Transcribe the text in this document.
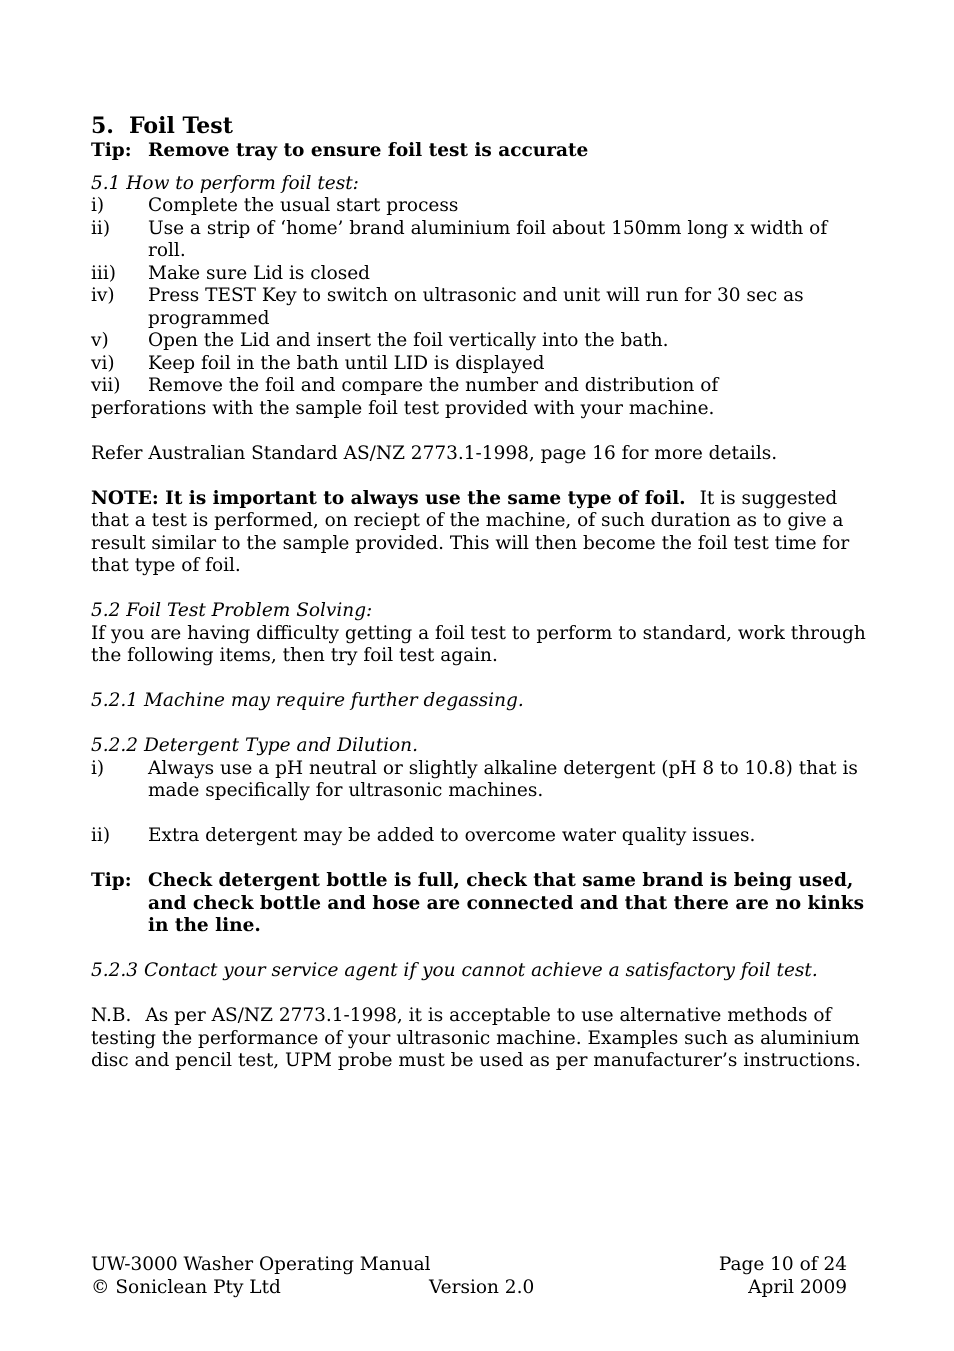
5. Foil Test
Tip: Remove tray to ensure foil test is accurate
5.1 How to perform foil test:
i)	Complete the usual start process
ii)	Use a strip of ‘home’ brand aluminium foil about 150mm long x width of roll.
iii)	Make sure Lid is closed
iv)	Press TEST Key to switch on ultrasonic and unit will run for 30 sec as programmed
v)	Open the Lid and insert the foil vertically into the bath.
vi)	Keep foil in the bath until LID is displayed
vii)	Remove the foil and compare the number and distribution of
perforations with the sample foil test provided with your machine.
Refer Australian Standard AS/NZ 2773.1-1998, page 16 for more details.
NOTE: It is important to always use the same type of foil. It is suggested that a test is performed, on reciept of the machine, of such duration as to give a result similar to the sample provided. This will then become the foil test time for that type of foil.
5.2 Foil Test Problem Solving:
If you are having difficulty getting a foil test to perform to standard, work through the following items, then try foil test again.
5.2.1 Machine may require further degassing.
5.2.2 Detergent Type and Dilution.
i)	Always use a pH neutral or slightly alkaline detergent (pH 8 to 10.8) that is made specifically for ultrasonic machines.
ii)	Extra detergent may be added to overcome water quality issues.
Tip: Check detergent bottle is full, check that same brand is being used, and check bottle and hose are connected and that there are no kinks in the line.
5.2.3 Contact your service agent if you cannot achieve a satisfactory foil test.
N.B. As per AS/NZ 2773.1-1998, it is acceptable to use alternative methods of testing the performance of your ultrasonic machine. Examples such as aluminium disc and pencil test, UPM probe must be used as per manufacturer’s instructions.
UW-3000 Washer Operating Manual	Page 10 of 24
© Soniclean Pty Ltd	Version 2.0	April 2009
